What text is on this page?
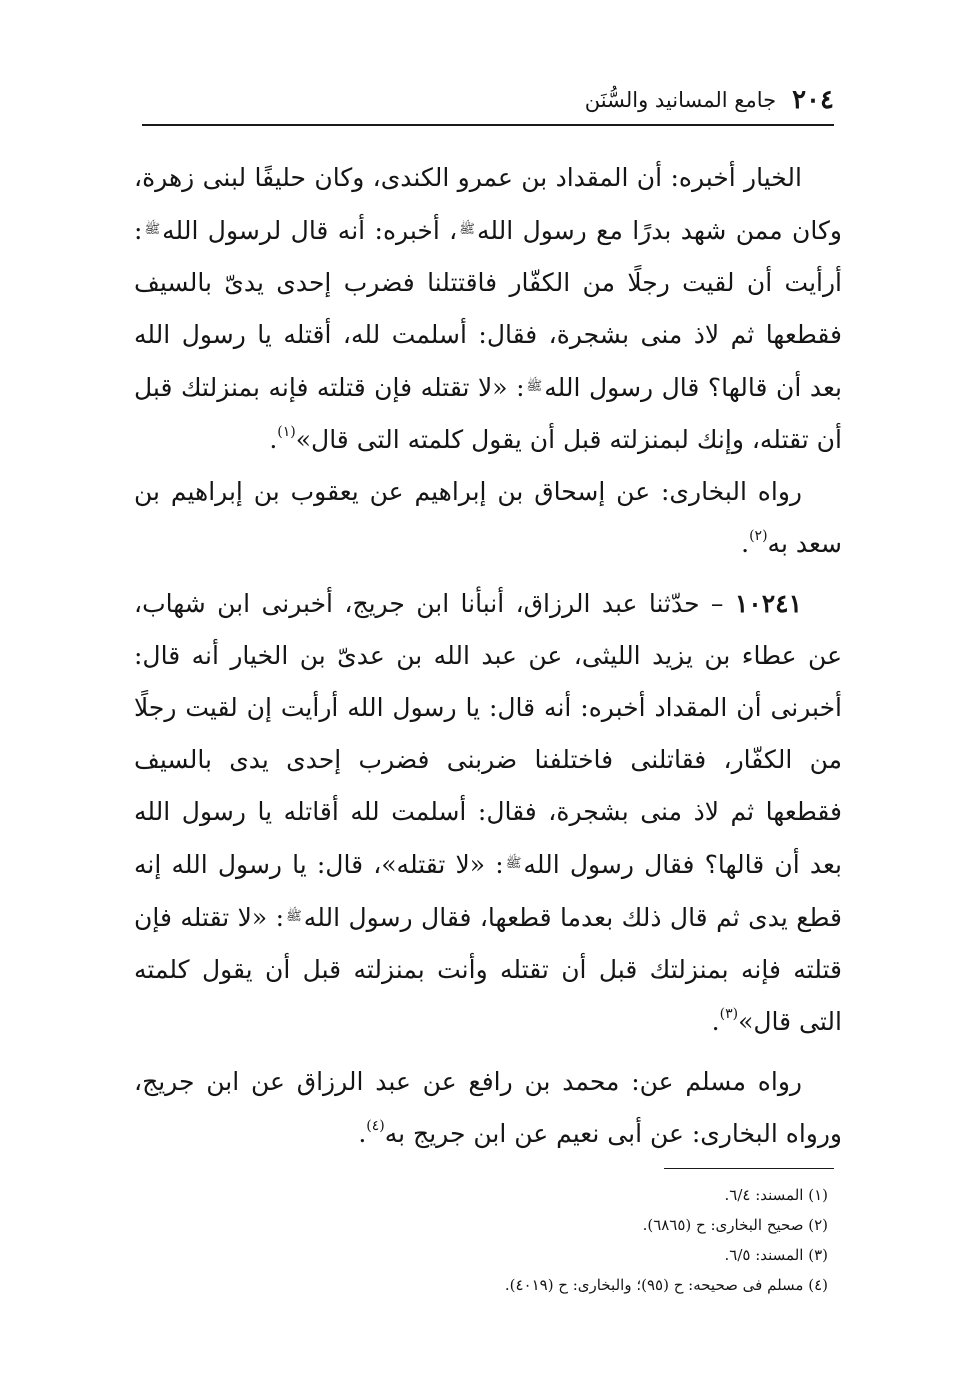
٢٠٤
جامع المسانيد والسُّنَن

الخيار أخبره: أن المقداد بن عمرو الكندى، وكان حليفًا لبنى زهرة، وكان ممن شهد بدرًا مع رسول الله$^ﷺ$، أخبره: أنه قال لرسول الله$^ﷺ$: أرأيت أن لقيت رجلًا من الكفّار فاقتتلنا فضرب إحدى يدىّ بالسيف فقطعها ثم لاذ منى بشجرة، فقال: أسلمت لله، أقتله يا رسول الله بعد أن قالها؟ قال رسول الله$^ﷺ$: «لا تقتله فإن قتلته فإنه بمنزلتك قبل أن تقتله، وإنك لبمنزلته قبل أن يقول كلمته التى قال»$^{(١)}$.

رواه البخارى: عن إسحاق بن إبراهيم عن يعقوب بن إبراهيم بن سعد به$^{(٢)}$.

١٠٢٤١ – حدّثنا عبد الرزاق، أنبأنا ابن جريج، أخبرنى ابن شهاب، عن عطاء بن يزيد الليثى، عن عبد الله بن عدىّ بن الخيار أنه قال: أخبرنى أن المقداد أخبره: أنه قال: يا رسول الله أرأيت إن لقيت رجلًا من الكفّار، فقاتلنى فاختلفنا ضربنى فضرب إحدى يدى بالسيف فقطعها ثم لاذ منى بشجرة، فقال: أسلمت لله أقاتله يا رسول الله بعد أن قالها؟ فقال رسول الله$^ﷺ$: «لا تقتله»، قال: يا رسول الله إنه قطع يدى ثم قال ذلك بعدما قطعها، فقال رسول الله$^ﷺ$: «لا تقتله فإن قتلته فإنه بمنزلتك قبل أن تقتله وأنت بمنزلته قبل أن يقول كلمته التى قال»$^{(٣)}$.

رواه مسلم عن: محمد بن رافع عن عبد الرزاق عن ابن جريج، ورواه البخارى: عن أبى نعيم عن ابن جريج به$^{(٤)}$.

(١) المسند: ٦/٤.
(٢) صحيح البخارى: ح (٦٨٦٥).
(٣) المسند: ٦/٥.
(٤) مسلم فى صحيحه: ح (٩٥)؛ والبخارى: ح (٤٠١٩).
